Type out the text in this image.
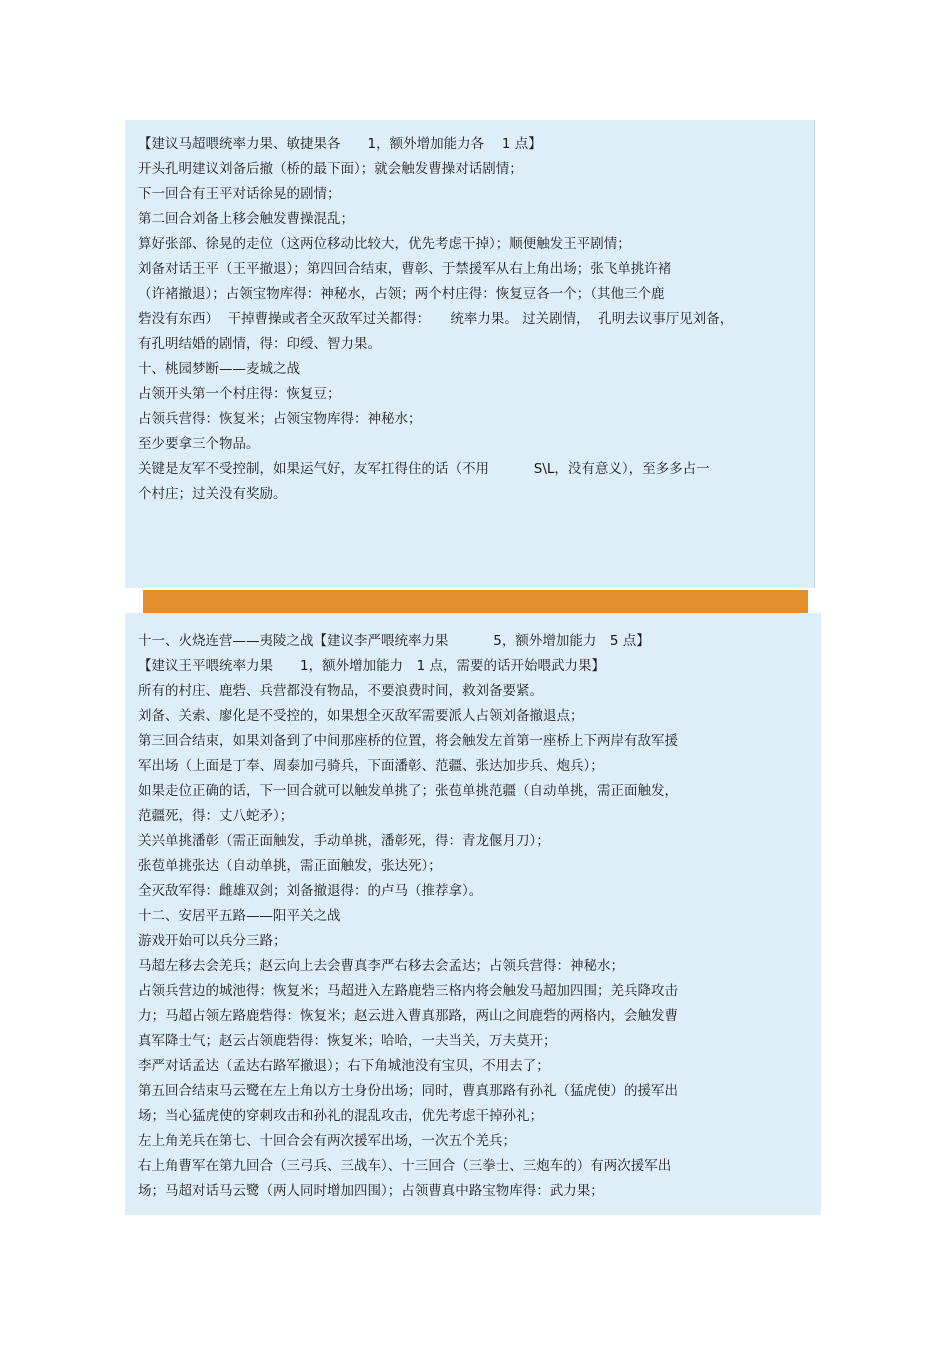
【建议马超喂统率力果、敏捷果各　　1，额外增加能力各　 1 点】
开头孔明建议刘备后撤（桥的最下面）；就会触发曹操对话剧情；
下一回合有王平对话徐晃的剧情；
第二回合刘备上移会触发曹操混乱；
算好张部、徐晃的走位（这两位移动比较大，优先考虑干掉）；顺便触发王平剧情；
刘备对话王平（王平撤退）；第四回合结束，曹彰、于禁援军从右上角出场；张飞单挑许褚
（许褚撤退）；占领宝物库得：神秘水，占领；两个村庄得：恢复豆各一个；（其他三个鹿
砦没有东西）  干掉曹操或者全灭敌军过关都得：　　统率力果。 过关剧情，  孔明去议事厅见刘备，
有孔明结婚的剧情，得：印绶、智力果。
十、桃园梦断——麦城之战
占领开头第一个村庄得：恢复豆；
占领兵营得：恢复米；占领宝物库得：神秘水；
至少要拿三个物品。
关键是友军不受控制，如果运气好，友军扛得住的话（不用　　　 S\L，没有意义），至多多占一
个村庄；过关没有奖励。
十一、火烧连营——夷陵之战【建议李严喂统率力果　　　 5，额外增加能力　5 点】
【建议王平喂统率力果　　1，额外增加能力　1 点，需要的话开始喂武力果】
所有的村庄、鹿砦、兵营都没有物品，不要浪费时间，救刘备要紧。
刘备、关索、廖化是不受控的，如果想全灭敌军需要派人占领刘备撤退点；
第三回合结束，如果刘备到了中间那座桥的位置，将会触发左首第一座桥上下两岸有敌军援
军出场（上面是丁奉、周泰加弓骑兵，下面潘彰、范疆、张达加步兵、炮兵）；
如果走位正确的话，下一回合就可以触发单挑了；张苞单挑范疆（自动单挑，需正面触发，
范疆死，得：丈八蛇矛）；
关兴单挑潘彰（需正面触发，手动单挑，潘彰死，得：青龙偃月刀）；
张苞单挑张达（自动单挑，需正面触发，张达死）；
全灭敌军得：雌雄双剑；刘备撤退得：的卢马（推荐拿）。
十二、安居平五路——阳平关之战
游戏开始可以兵分三路；
马超左移去会羌兵；赵云向上去会曹真李严右移去会孟达；占领兵营得：神秘水；
占领兵营边的城池得：恢复米；马超进入左路鹿砦三格内将会触发马超加四围；羌兵降攻击
力；马超占领左路鹿砦得：恢复米；赵云进入曹真那路，两山之间鹿砦的两格内，会触发曹
真军降士气；赵云占领鹿砦得：恢复米；哈哈，一夫当关，万夫莫开；
李严对话孟达（孟达右路军撤退）；右下角城池没有宝贝，不用去了；
第五回合结束马云鹭在左上角以方士身份出场；同时，曹真那路有孙礼（猛虎使）的援军出
场；当心猛虎使的穿刺攻击和孙礼的混乱攻击，优先考虑干掉孙礼；
左上角羌兵在第七、十回合会有两次援军出场，一次五个羌兵；
右上角曹军在第九回合（三弓兵、三战车）、十三回合（三拳士、三炮车的）有两次援军出
场；马超对话马云鹭（两人同时增加四围）；占领曹真中路宝物库得：武力果；
